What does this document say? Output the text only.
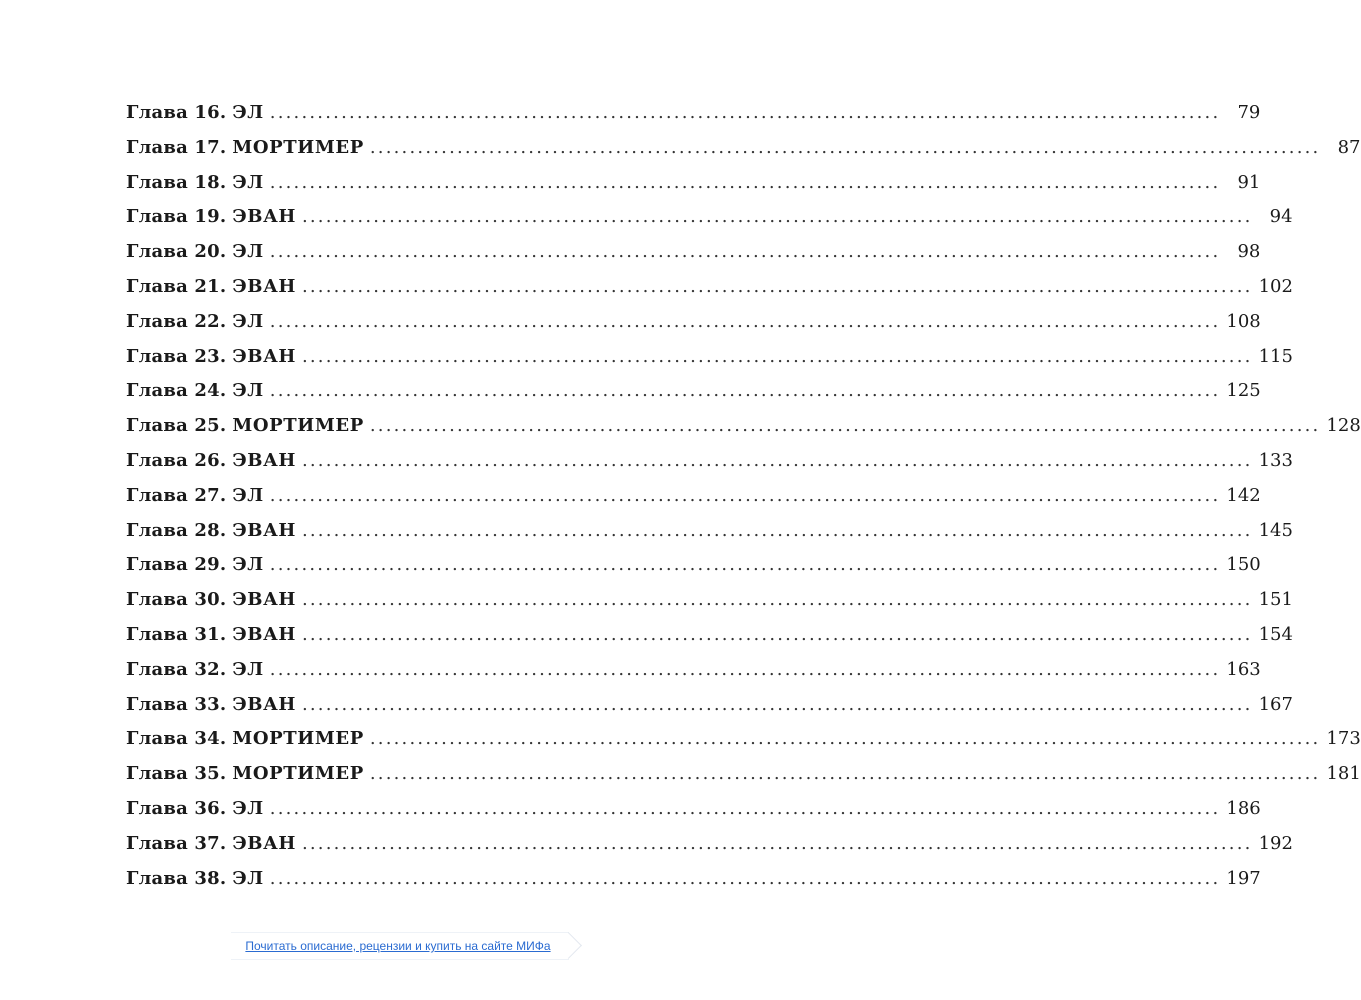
Глава 16. ЭЛ ........................................................................................................................ 79
Глава 17. МОРТИМЕР ........................................................................................................................ 87
Глава 18. ЭЛ ........................................................................................................................ 91
Глава 19. ЭВАН ........................................................................................................................ 94
Глава 20. ЭЛ ........................................................................................................................ 98
Глава 21. ЭВАН ........................................................................................................................ 102
Глава 22. ЭЛ ........................................................................................................................ 108
Глава 23. ЭВАН ........................................................................................................................ 115
Глава 24. ЭЛ ........................................................................................................................ 125
Глава 25. МОРТИМЕР ........................................................................................................................ 128
Глава 26. ЭВАН ........................................................................................................................ 133
Глава 27. ЭЛ ........................................................................................................................ 142
Глава 28. ЭВАН ........................................................................................................................ 145
Глава 29. ЭЛ ........................................................................................................................ 150
Глава 30. ЭВАН ........................................................................................................................ 151
Глава 31. ЭВАН ........................................................................................................................ 154
Глава 32. ЭЛ ........................................................................................................................ 163
Глава 33. ЭВАН ........................................................................................................................ 167
Глава 34. МОРТИМЕР ........................................................................................................................ 173
Глава 35. МОРТИМЕР ........................................................................................................................ 181
Глава 36. ЭЛ ........................................................................................................................ 186
Глава 37. ЭВАН ........................................................................................................................ 192
Глава 38. ЭЛ ........................................................................................................................ 197
Почитать описание, рецензии и купить на сайте МИФа
